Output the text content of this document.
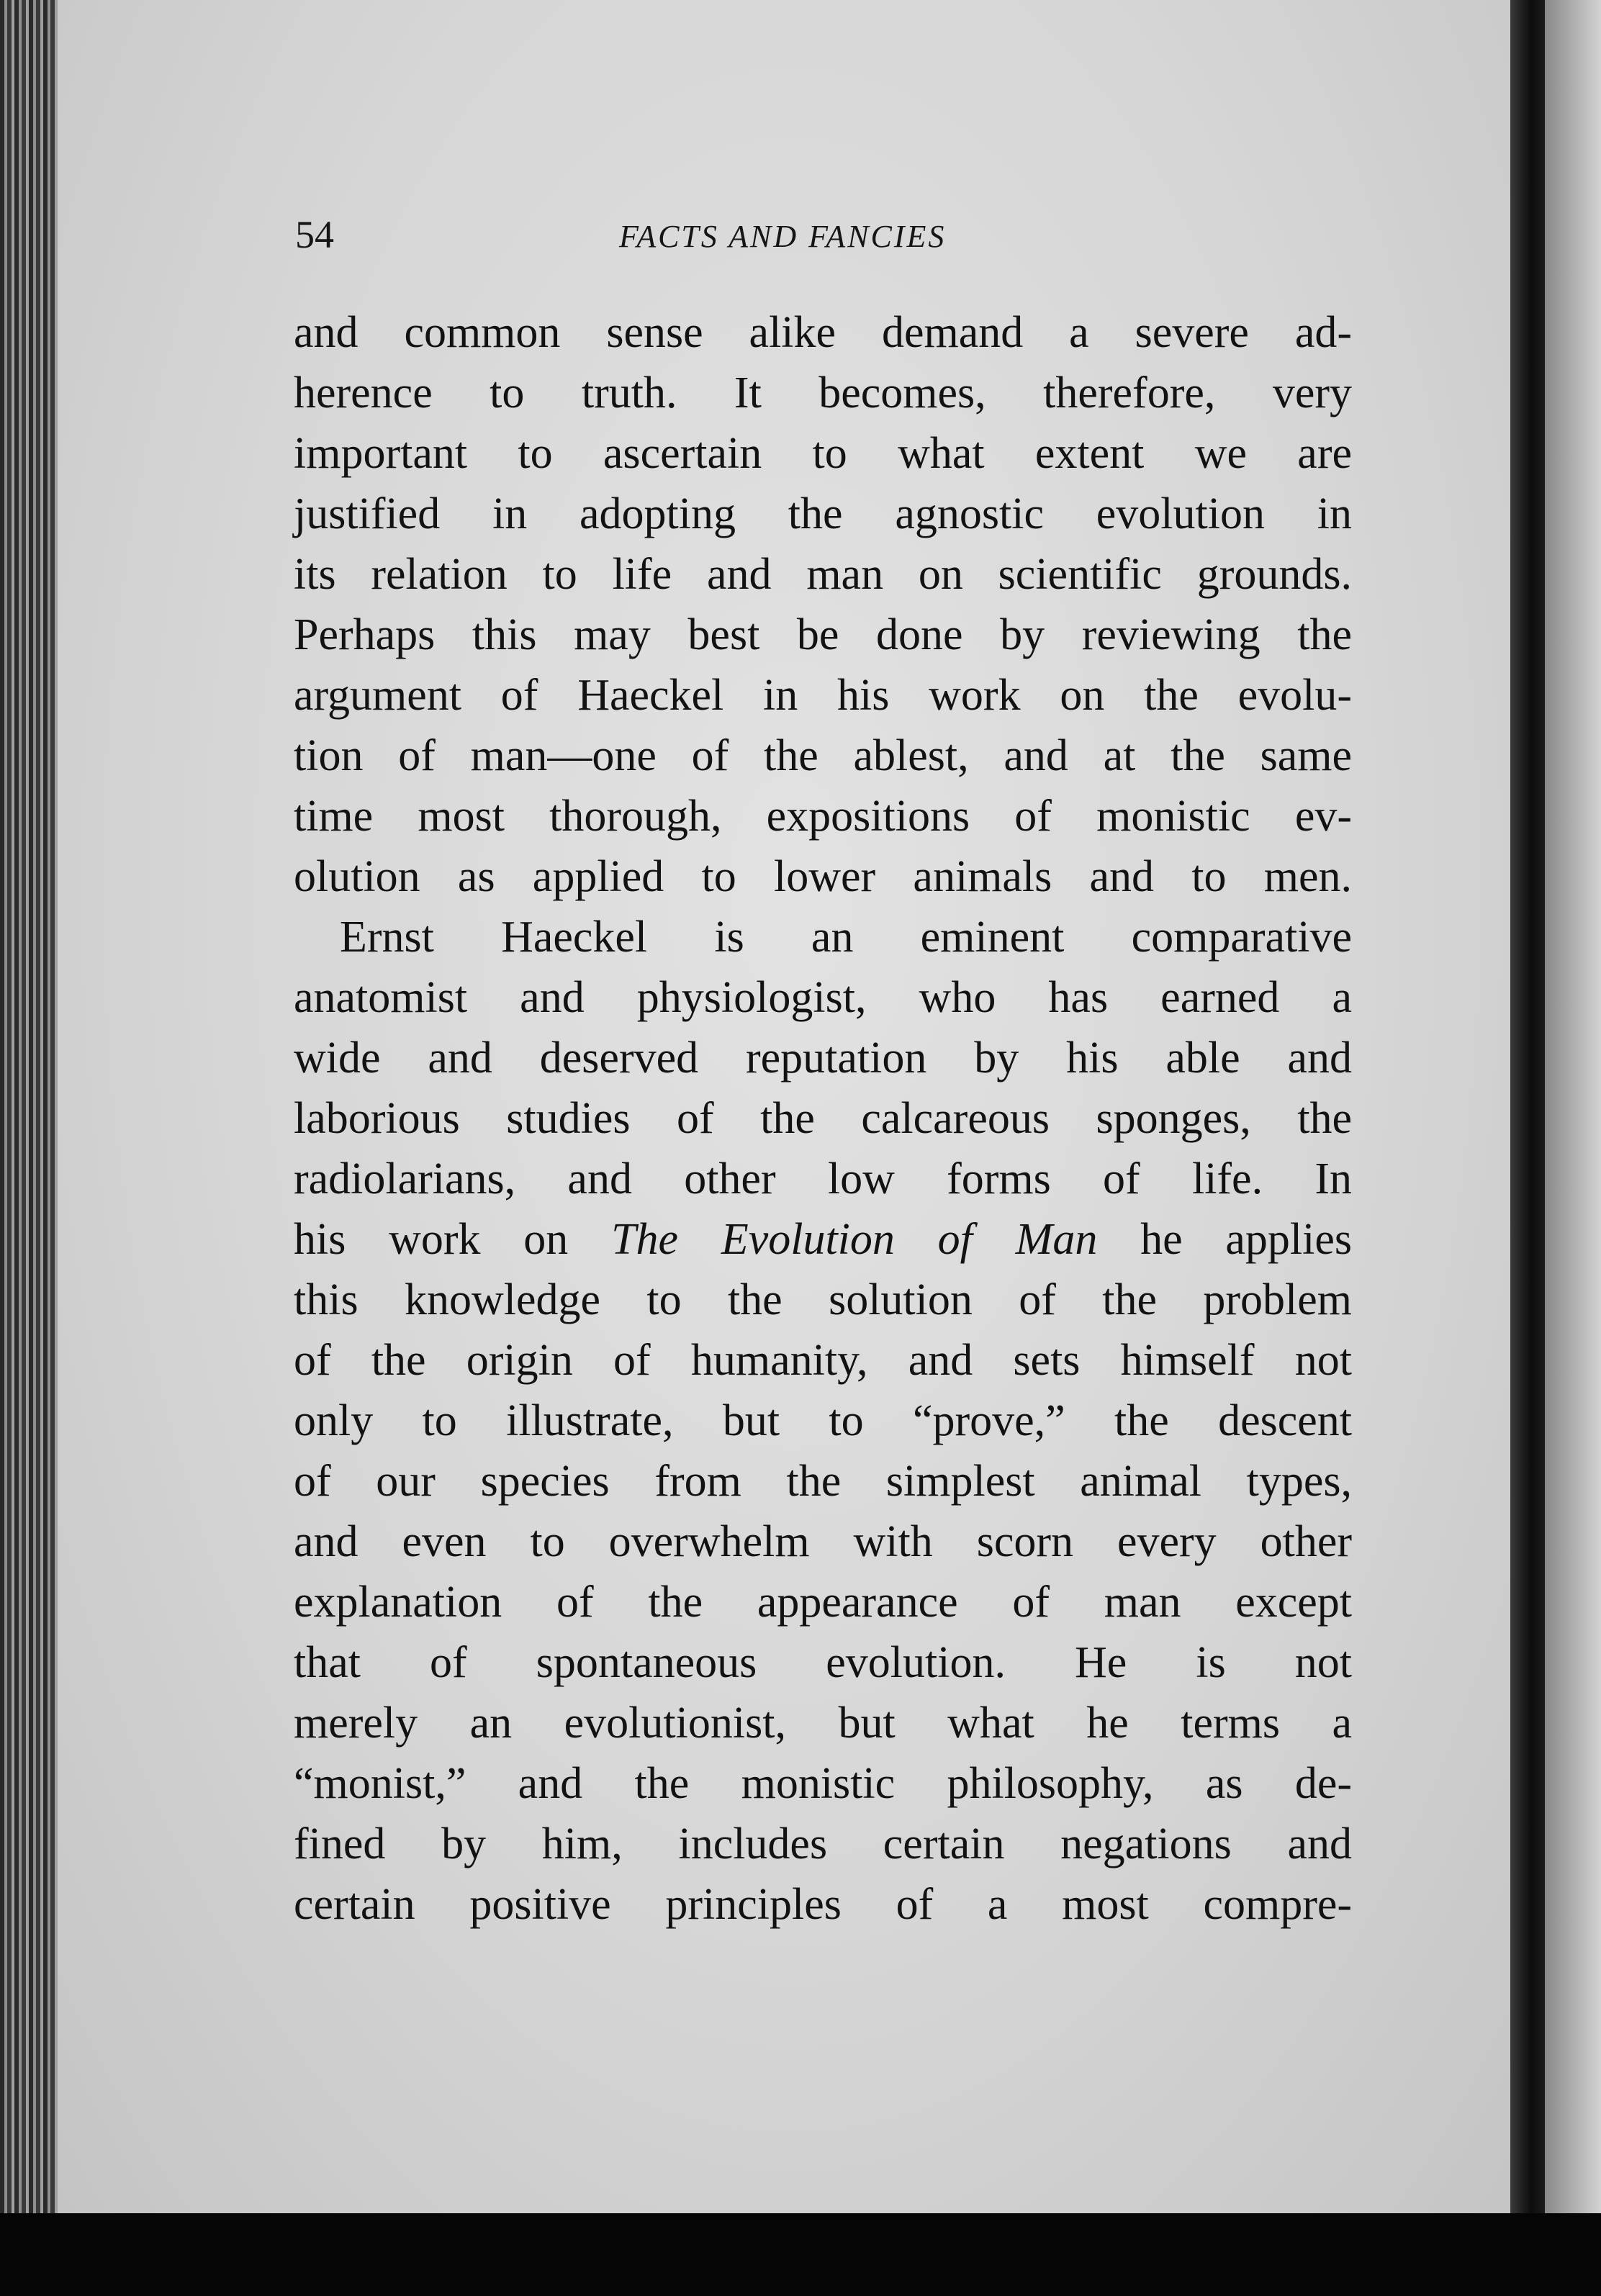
54	FACTS AND FANCIES
and common sense alike demand a severe ad-
herence to truth. It becomes, therefore, very
important to ascertain to what extent we are
justified in adopting the agnostic evolution in
its relation to life and man on scientific grounds.
Perhaps this may best be done by reviewing the
argument of Haeckel in his work on the evolu-
tion of man—one of the ablest, and at the same
time most thorough, expositions of monistic ev-
olution as applied to lower animals and to men.
Ernst Haeckel is an eminent comparative
anatomist and physiologist, who has earned a
wide and deserved reputation by his able and
laborious studies of the calcareous sponges, the
radiolarians, and other low forms of life. In
his work on The Evolution of Man he applies
this knowledge to the solution of the problem
of the origin of humanity, and sets himself not
only to illustrate, but to “prove,” the descent
of our species from the simplest animal types,
and even to overwhelm with scorn every other
explanation of the appearance of man except
that of spontaneous evolution. He is not
merely an evolutionist, but what he terms a
“monist,” and the monistic philosophy, as de-
fined by him, includes certain negations and
certain positive principles of a most compre-
